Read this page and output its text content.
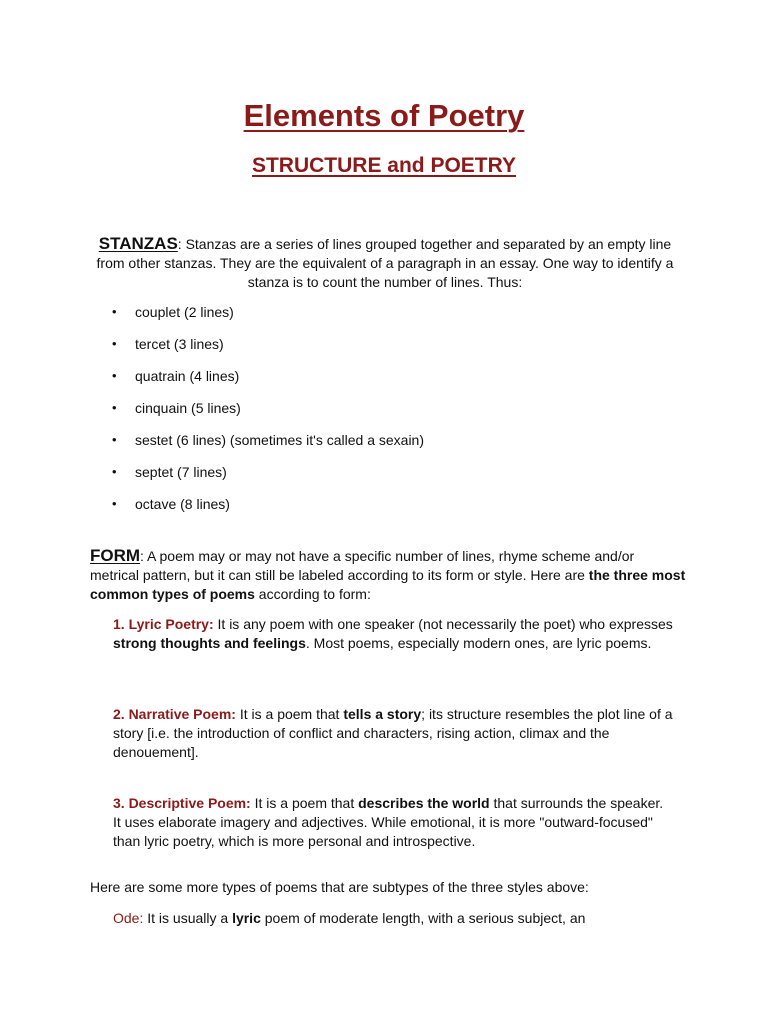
Elements of Poetry
STRUCTURE and POETRY

STANZAS: Stanzas are a series of lines grouped together and separated by an empty line from other stanzas. They are the equivalent of a paragraph in an essay. One way to identify a stanza is to count the number of lines. Thus:

• couplet (2 lines)
• tercet (3 lines)
• quatrain (4 lines)
• cinquain (5 lines)
• sestet (6 lines) (sometimes it's called a sexain)
• septet (7 lines)
• octave (8 lines)

FORM: A poem may or may not have a specific number of lines, rhyme scheme and/or metrical pattern, but it can still be labeled according to its form or style. Here are the three most common types of poems according to form:

1. Lyric Poetry: It is any poem with one speaker (not necessarily the poet) who expresses strong thoughts and feelings. Most poems, especially modern ones, are lyric poems.

2. Narrative Poem: It is a poem that tells a story; its structure resembles the plot line of a story [i.e. the introduction of conflict and characters, rising action, climax and the denouement].

3. Descriptive Poem: It is a poem that describes the world that surrounds the speaker. It uses elaborate imagery and adjectives. While emotional, it is more "outward-focused" than lyric poetry, which is more personal and introspective.

Here are some more types of poems that are subtypes of the three styles above:

Ode: It is usually a lyric poem of moderate length, with a serious subject, an
